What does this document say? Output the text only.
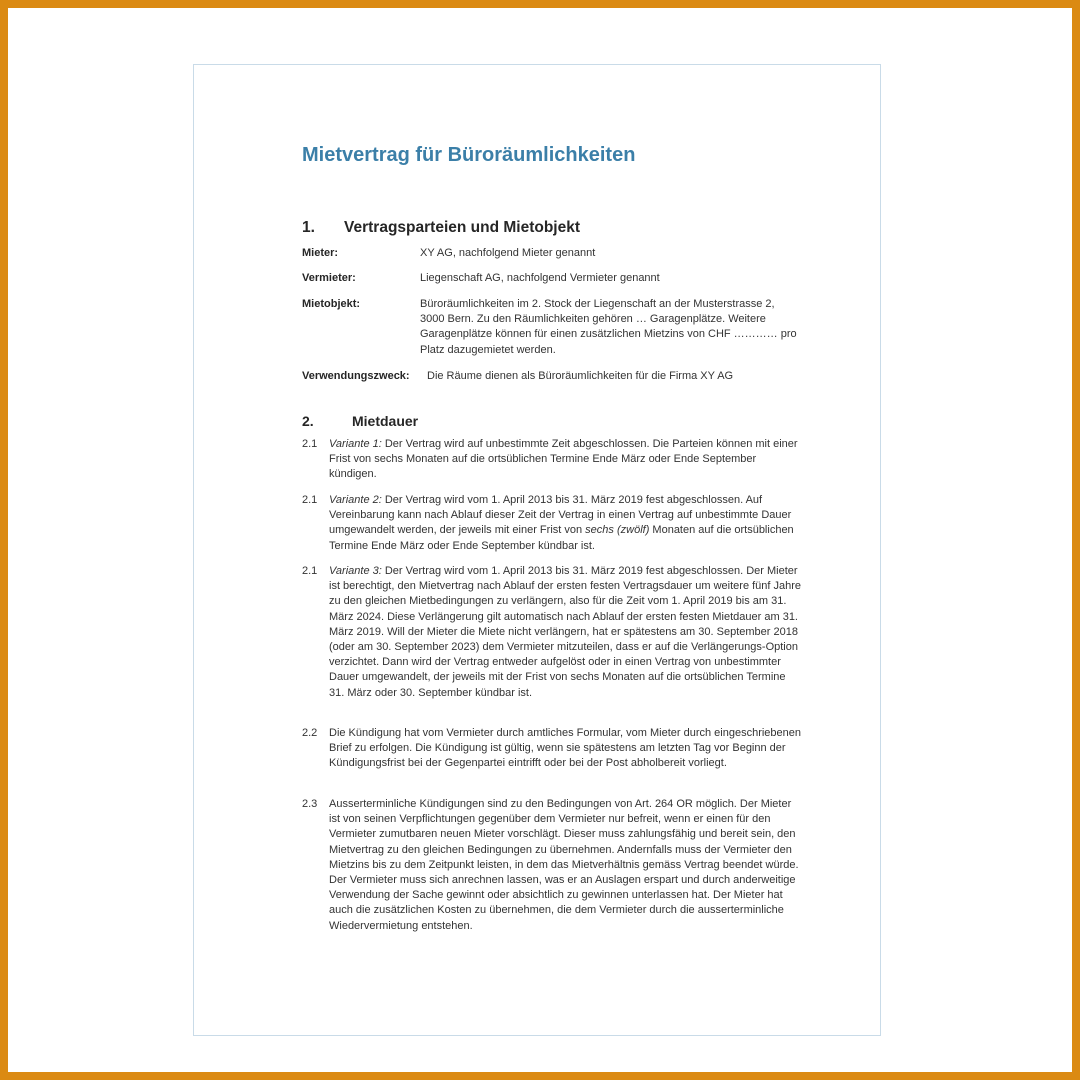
Mietvertrag für Büroräumlichkeiten
1. Vertragsparteien und Mietobjekt
Mieter:	XY AG, nachfolgend Mieter genannt
Vermieter:	Liegenschaft AG, nachfolgend Vermieter genannt
Mietobjekt:	Büroräumlichkeiten im 2. Stock der Liegenschaft an der Musterstrasse 2, 3000 Bern. Zu den Räumlichkeiten gehören … Garagenplätze. Weitere Garagenplätze können für einen zusätzlichen Mietzins von CHF ………… pro Platz dazugemietet werden.
Verwendungszweck: Die Räume dienen als Büroräumlichkeiten für die Firma XY AG
2.	Mietdauer
2.1 Variante 1: Der Vertrag wird auf unbestimmte Zeit abgeschlossen. Die Parteien können mit einer Frist von sechs Monaten auf die ortsüblichen Termine Ende März oder Ende September kündigen.
2.1 Variante 2: Der Vertrag wird vom 1. April 2013 bis 31. März 2019 fest abgeschlossen. Auf Vereinbarung kann nach Ablauf dieser Zeit der Vertrag in einen Vertrag auf unbestimmte Dauer umgewandelt werden, der jeweils mit einer Frist von sechs (zwölf) Monaten auf die ortsüblichen Termine Ende März oder Ende September kündbar ist.
2.1 Variante 3: Der Vertrag wird vom 1. April 2013 bis 31. März 2019 fest abgeschlossen. Der Mieter ist berechtigt, den Mietvertrag nach Ablauf der ersten festen Vertragsdauer um weitere fünf Jahre zu den gleichen Mietbedingungen zu verlängern, also für die Zeit vom 1. April 2019 bis am 31. März 2024. Diese Verlängerung gilt automatisch nach Ablauf der ersten festen Mietdauer am 31. März 2019. Will der Mieter die Miete nicht verlängern, hat er spätestens am 30. September 2018 (oder am 30. September 2023) dem Vermieter mitzuteilen, dass er auf die Verlängerungs-Option verzichtet. Dann wird der Vertrag entweder aufgelöst oder in einen Vertrag von unbestimmter Dauer umgewandelt, der jeweils mit der Frist von sechs Monaten auf die ortsüblichen Termine 31. März oder 30. September kündbar ist.
2.2 Die Kündigung hat vom Vermieter durch amtliches Formular, vom Mieter durch eingeschriebenen Brief zu erfolgen. Die Kündigung ist gültig, wenn sie spätestens am letzten Tag vor Beginn der Kündigungsfrist bei der Gegenpartei eintrifft oder bei der Post abholbereit vorliegt.
2.3 Ausserterminliche Kündigungen sind zu den Bedingungen von Art. 264 OR möglich. Der Mieter ist von seinen Verpflichtungen gegenüber dem Vermieter nur befreit, wenn er einen für den Vermieter zumutbaren neuen Mieter vorschlägt. Dieser muss zahlungsfähig und bereit sein, den Mietvertrag zu den gleichen Bedingungen zu übernehmen. Andernfalls muss der Vermieter den Mietzins bis zu dem Zeitpunkt leisten, in dem das Mietverhältnis gemäss Vertrag beendet würde. Der Vermieter muss sich anrechnen lassen, was er an Auslagen erspart und durch anderweitige Verwendung der Sache gewinnt oder absichtlich zu gewinnen unterlassen hat. Der Mieter hat auch die zusätzlichen Kosten zu übernehmen, die dem Vermieter durch die ausserterminliche Wiedervermietung entstehen.
